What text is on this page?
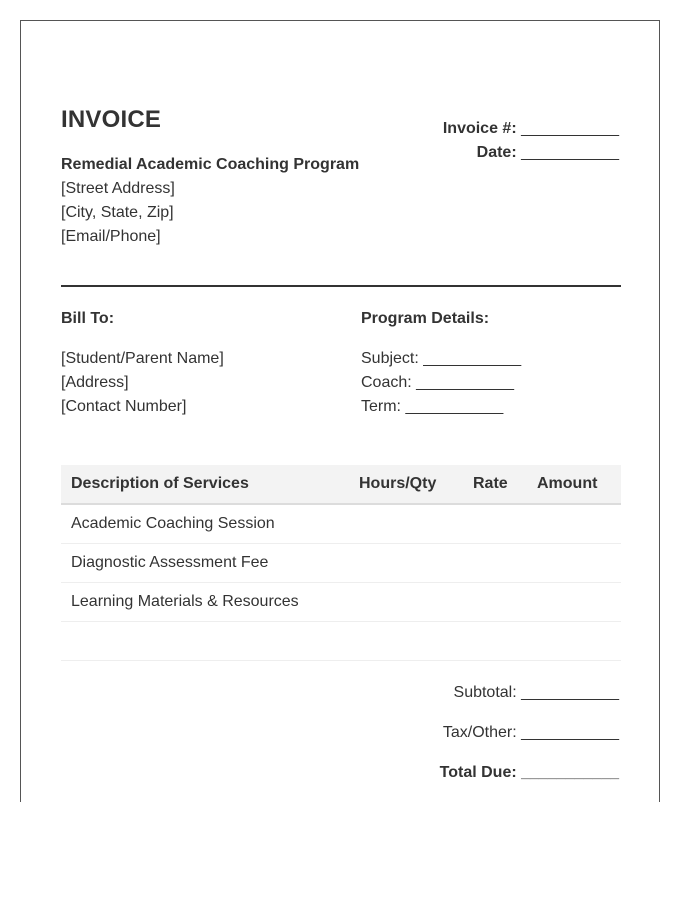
INVOICE
Remedial Academic Coaching Program
[Street Address]
[City, State, Zip]
[Email/Phone]
Invoice #: ___________
Date: ___________
Bill To:
[Student/Parent Name]
[Address]
[Contact Number]
Program Details:
Subject: ___________
Coach: ___________
Term: ___________
Description of Services	Hours/Qty Rate Amount
Academic Coaching Session
Diagnostic Assessment Fee
Learning Materials & Resources
Subtotal: ___________
Tax/Other: ___________
Total Due: ___________
